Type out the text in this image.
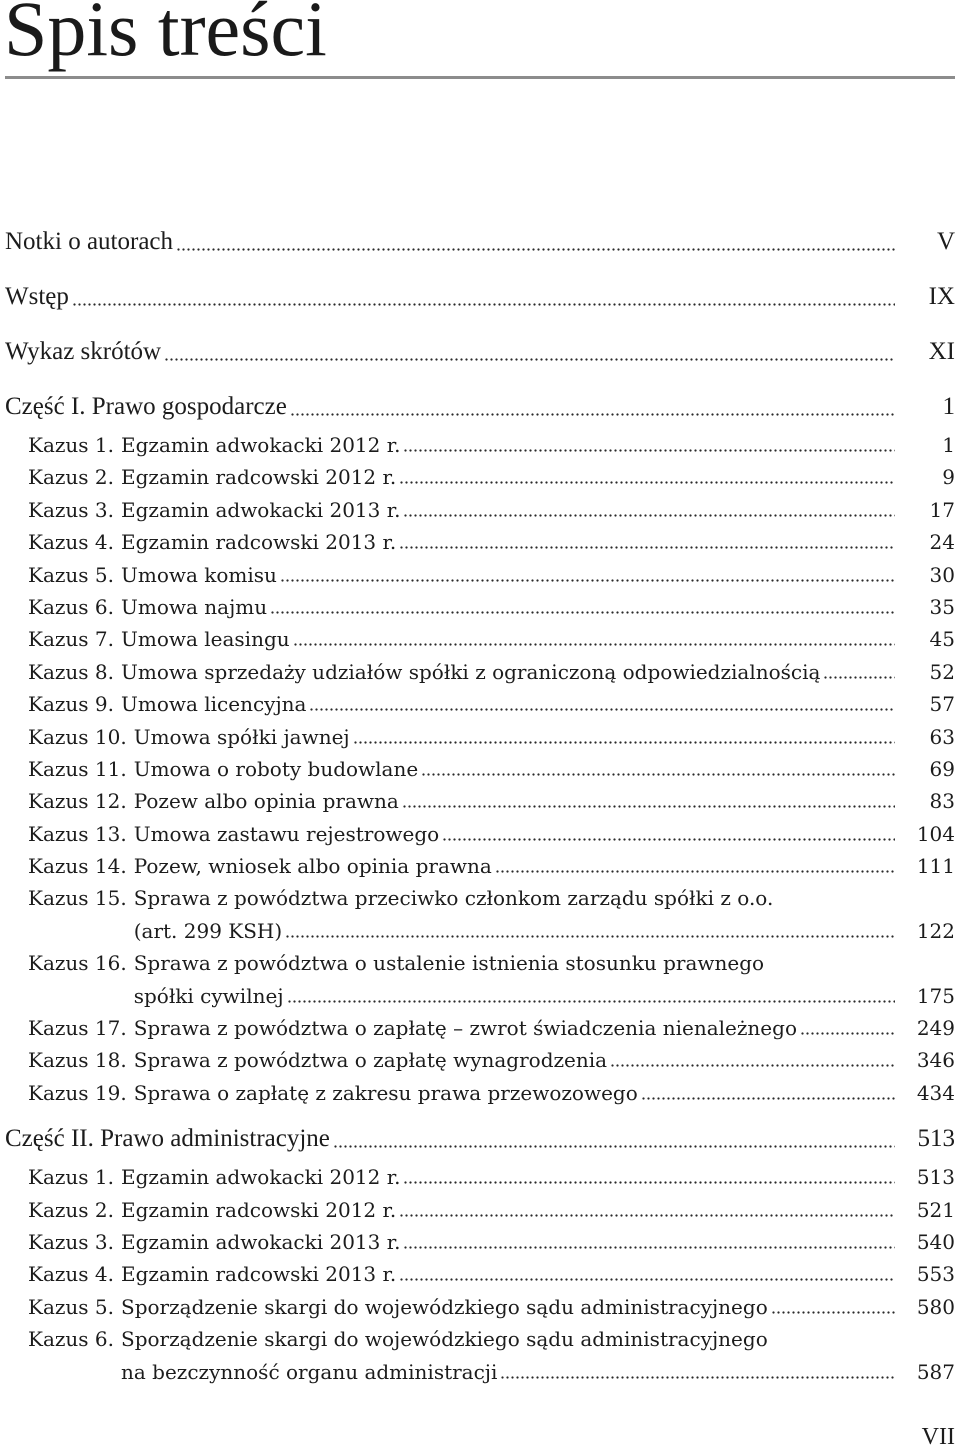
Spis treści
Notki o autorach	V
Wstęp	IX
Wykaz skrótów	XI
Część I. Prawo gospodarcze	1
Kazus 1. Egzamin adwokacki 2012 r.	1
Kazus 2. Egzamin radcowski 2012 r.	9
Kazus 3. Egzamin adwokacki 2013 r.	17
Kazus 4. Egzamin radcowski 2013 r.	24
Kazus 5. Umowa komisu	30
Kazus 6. Umowa najmu	35
Kazus 7. Umowa leasingu	45
Kazus 8. Umowa sprzedaży udziałów spółki z ograniczoną odpowiedzialnością	52
Kazus 9. Umowa licencyjna	57
Kazus 10. Umowa spółki jawnej	63
Kazus 11. Umowa o roboty budowlane	69
Kazus 12. Pozew albo opinia prawna	83
Kazus 13. Umowa zastawu rejestrowego	104
Kazus 14. Pozew, wniosek albo opinia prawna	111
Kazus 15. Sprawa z powództwa przeciwko członkom zarządu spółki z o.o.
(art. 299 KSH)	122
Kazus 16. Sprawa z powództwa o ustalenie istnienia stosunku prawnego
spółki cywilnej	175
Kazus 17. Sprawa z powództwa o zapłatę – zwrot świadczenia nienależnego	249
Kazus 18. Sprawa z powództwa o zapłatę wynagrodzenia	346
Kazus 19. Sprawa o zapłatę z zakresu prawa przewozowego	434
Część II. Prawo administracyjne	513
Kazus 1. Egzamin adwokacki 2012 r.	513
Kazus 2. Egzamin radcowski 2012 r.	521
Kazus 3. Egzamin adwokacki 2013 r.	540
Kazus 4. Egzamin radcowski 2013 r.	553
Kazus 5. Sporządzenie skargi do wojewódzkiego sądu administracyjnego	580
Kazus 6. Sporządzenie skargi do wojewódzkiego sądu administracyjnego
na bezczynność organu administracji	587
VII
